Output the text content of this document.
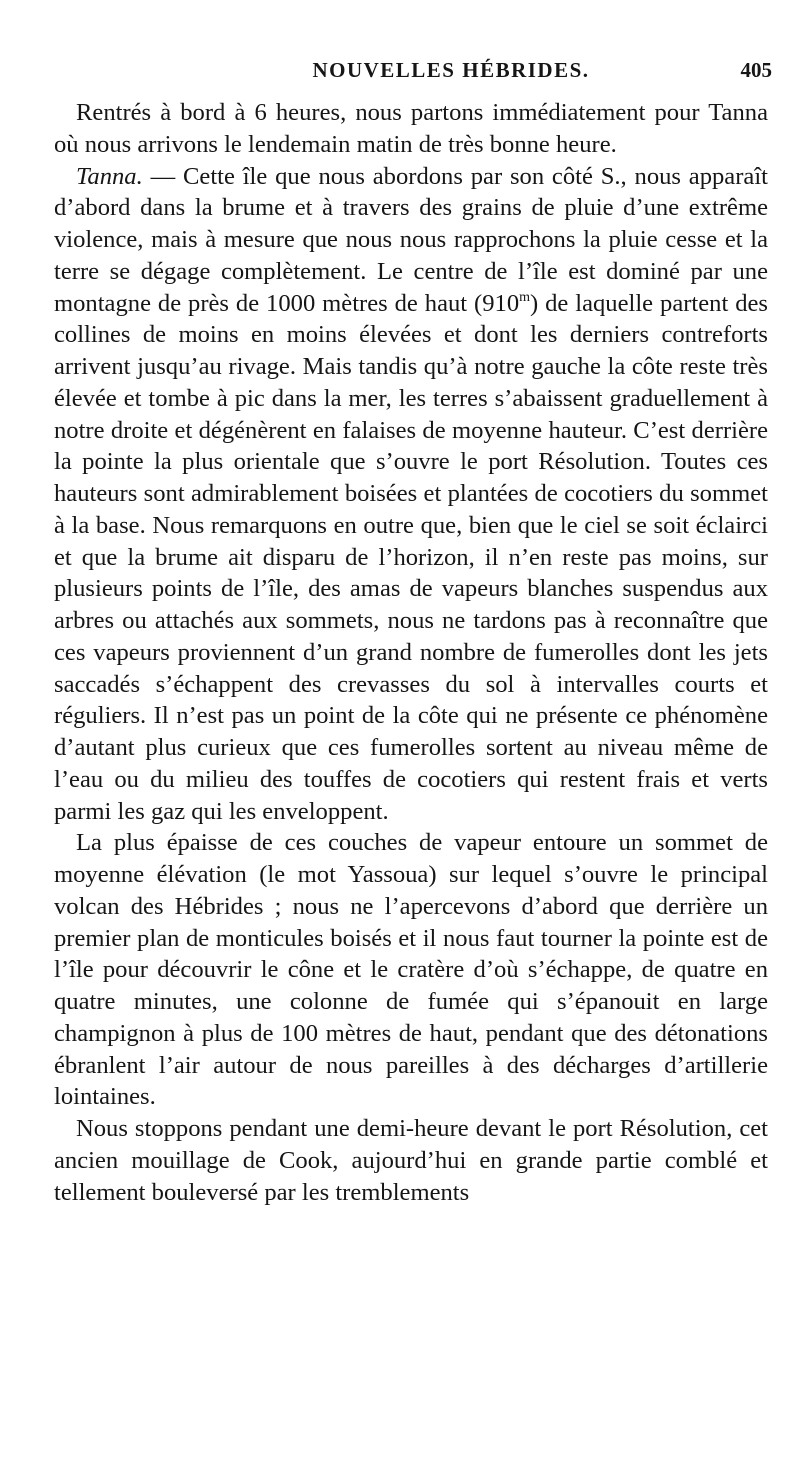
NOUVELLES HÉBRIDES.	405

Rentrés à bord à 6 heures, nous partons immédiatement pour Tanna où nous arrivons le lendemain matin de très bonne heure.

Tanna. — Cette île que nous abordons par son côté S., nous apparaît d’abord dans la brume et à travers des grains de pluie d’une extrême violence, mais à mesure que nous nous rapprochons la pluie cesse et la terre se dégage complètement. Le centre de l’île est dominé par une montagne de près de 1000 mètres de haut (910$^m$) de laquelle partent des collines de moins en moins élevées et dont les derniers contreforts arrivent jusqu’au rivage. Mais tandis qu’à notre gauche la côte reste très élevée et tombe à pic dans la mer, les terres s’abaissent graduellement à notre droite et dégénèrent en falaises de moyenne hauteur. C’est derrière la pointe la plus orientale que s’ouvre le port Résolution. Toutes ces hauteurs sont admirablement boisées et plantées de cocotiers du sommet à la base. Nous remarquons en outre que, bien que le ciel se soit éclairci et que la brume ait disparu de l’horizon, il n’en reste pas moins, sur plusieurs points de l’île, des amas de vapeurs blanches suspendus aux arbres ou attachés aux sommets, nous ne tardons pas à reconnaître que ces vapeurs proviennent d’un grand nombre de fumerolles dont les jets saccadés s’échappent des crevasses du sol à intervalles courts et réguliers. Il n’est pas un point de la côte qui ne présente ce phénomène d’autant plus curieux que ces fumerolles sortent au niveau même de l’eau ou du milieu des touffes de cocotiers qui restent frais et verts parmi les gaz qui les enveloppent.

La plus épaisse de ces couches de vapeur entoure un sommet de moyenne élévation (le mot Yassoua) sur lequel s’ouvre le principal volcan des Hébrides ; nous ne l’apercevons d’abord que derrière un premier plan de monticules boisés et il nous faut tourner la pointe est de l’île pour découvrir le cône et le cratère d’où s’échappe, de quatre en quatre minutes, une colonne de fumée qui s’épanouit en large champignon à plus de 100 mètres de haut, pendant que des détonations ébranlent l’air autour de nous pareilles à des décharges d’artillerie lointaines.

Nous stoppons pendant une demi-heure devant le port Résolution, cet ancien mouillage de Cook, aujourd’hui en grande partie comblé et tellement bouleversé par les tremblements
